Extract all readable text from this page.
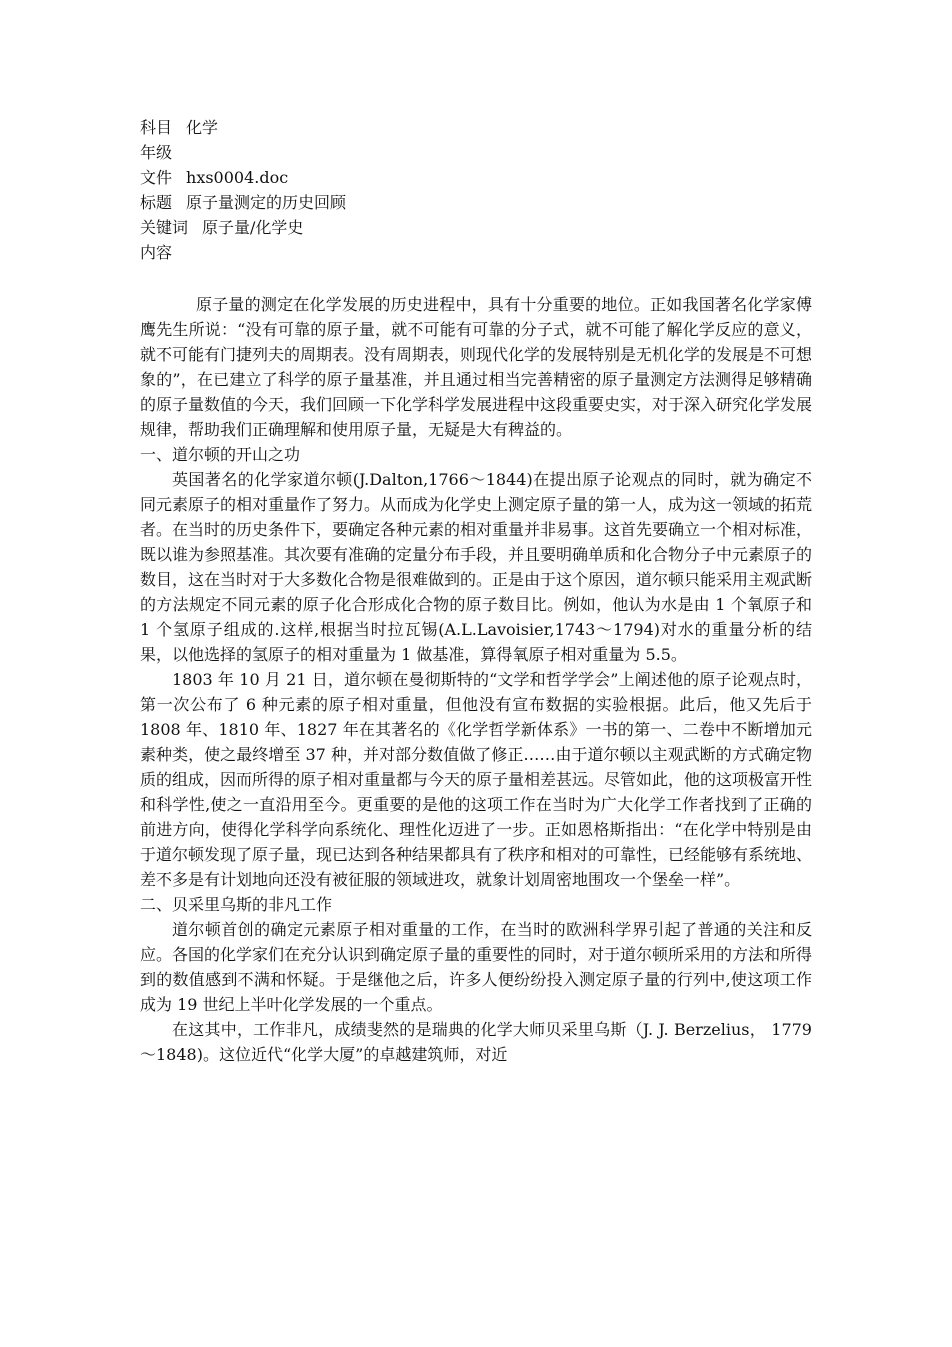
科目 化学
年级
文件 hxs0004.doc
标题 原子量测定的历史回顾
关键词 原子量/化学史
内容

原子量的测定在化学发展的历史进程中，具有十分重要的地位。正如我国著名化学家傅鹰先生所说：“没有可靠的原子量，就不可能有可靠的分子式，就不可能了解化学反应的意义，就不可能有门捷列夫的周期表。没有周期表，则现代化学的发展特别是无机化学的发展是不可想象的”，在已建立了科学的原子量基准，并且通过相当完善精密的原子量测定方法测得足够精确的原子量数值的今天，我们回顾一下化学科学发展进程中这段重要史实，对于深入研究化学发展规律，帮助我们正确理解和使用原子量，无疑是大有稗益的。

一、道尔顿的开山之功

英国著名的化学家道尔顿(J.Dalton,1766～1844)在提出原子论观点的同时，就为确定不同元素原子的相对重量作了努力。从而成为化学史上测定原子量的第一人，成为这一领域的拓荒者。在当时的历史条件下，要确定各种元素的相对重量并非易事。这首先要确立一个相对标准，既以谁为参照基准。其次要有准确的定量分布手段，并且要明确单质和化合物分子中元素原子的数目，这在当时对于大多数化合物是很难做到的。正是由于这个原因，道尔顿只能采用主观武断的方法规定不同元素的原子化合形成化合物的原子数目比。例如，他认为水是由 1 个氧原子和 1 个氢原子组成的.这样,根据当时拉瓦锡(A.L.Lavoisier,1743～1794)对水的重量分析的结果，以他选择的氢原子的相对重量为 1 做基准，算得氧原子相对重量为 5.5。

1803 年 10 月 21 日，道尔顿在曼彻斯特的“文学和哲学学会”上阐述他的原子论观点时，第一次公布了 6 种元素的原子相对重量，但他没有宣布数据的实验根据。此后，他又先后于 1808 年、1810 年、1827 年在其著名的《化学哲学新体系》一书的第一、二卷中不断增加元素种类，使之最终增至 37 种，并对部分数值做了修正……由于道尔顿以主观武断的方式确定物质的组成，因而所得的原子相对重量都与今天的原子量相差甚远。尽管如此，他的这项极富开性和科学性,使之一直沿用至今。更重要的是他的这项工作在当时为广大化学工作者找到了正确的前进方向，使得化学科学向系统化、理性化迈进了一步。正如恩格斯指出：“在化学中特别是由于道尔顿发现了原子量，现已达到各种结果都具有了秩序和相对的可靠性，已经能够有系统地、差不多是有计划地向还没有被征服的领域进攻，就象计划周密地围攻一个堡垒一样”。

二、贝采里乌斯的非凡工作

道尔顿首创的确定元素原子相对重量的工作，在当时的欧洲科学界引起了普通的关注和反应。各国的化学家们在充分认识到确定原子量的重要性的同时，对于道尔顿所采用的方法和所得到的数值感到不满和怀疑。于是继他之后，许多人便纷纷投入测定原子量的行列中,使这项工作成为 19 世纪上半叶化学发展的一个重点。

在这其中，工作非凡，成绩斐然的是瑞典的化学大师贝采里乌斯（J. J. Berzelius， 1779～1848)。这位近代“化学大厦”的卓越建筑师，对近
